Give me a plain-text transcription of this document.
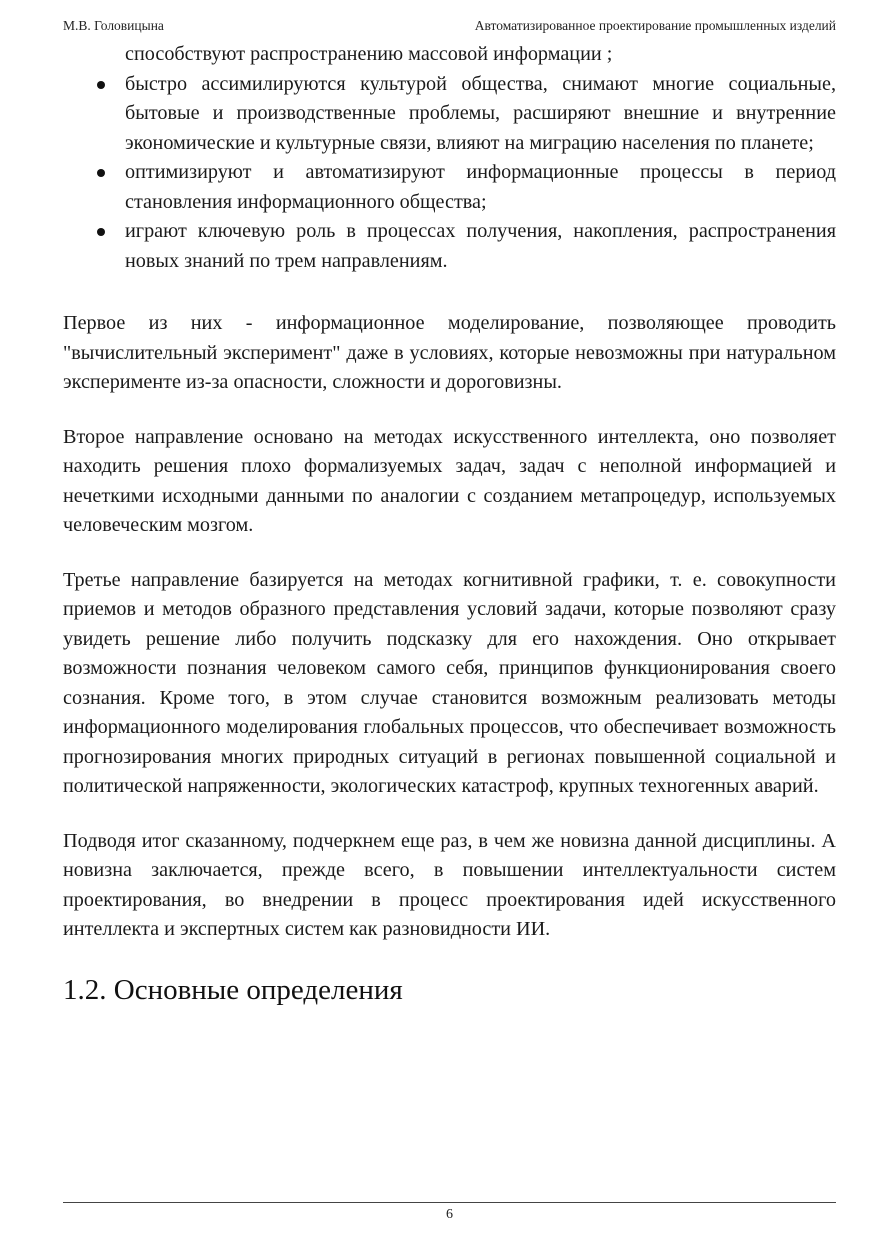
М.В. Головицына	Автоматизированное проектирование промышленных изделий
способствуют распространению массовой информации ;
быстро ассимилируются культурой общества, снимают многие социальные, бытовые и производственные проблемы, расширяют внешние и внутренние экономические и культурные связи, влияют на миграцию населения по планете;
оптимизируют и автоматизируют информационные процессы в период становления информационного общества;
играют ключевую роль в процессах получения, накопления, распространения новых знаний по трем направлениям.

Первое из них - информационное моделирование, позволяющее проводить "вычислительный эксперимент" даже в условиях, которые невозможны при натуральном эксперименте из-за опасности, сложности и дороговизны.

Второе направление основано на методах искусственного интеллекта, оно позволяет находить решения плохо формализуемых задач, задач с неполной информацией и нечеткими исходными данными по аналогии с созданием метапроцедур, используемых человеческим мозгом.

Третье направление базируется на методах когнитивной графики, т. е. совокупности приемов и методов образного представления условий задачи, которые позволяют сразу увидеть решение либо получить подсказку для его нахождения. Оно открывает возможности познания человеком самого себя, принципов функционирования своего сознания. Кроме того, в этом случае становится возможным реализовать методы информационного моделирования глобальных процессов, что обеспечивает возможность прогнозирования многих природных ситуаций в регионах повышенной социальной и политической напряженности, экологических катастроф, крупных техногенных аварий.

Подводя итог сказанному, подчеркнем еще раз, в чем же новизна данной дисциплины. А новизна заключается, прежде всего, в повышении интеллектуальности систем проектирования, во внедрении в процесс проектирования идей искусственного интеллекта и экспертных систем как разновидности ИИ.

1.2. Основные определения
6
